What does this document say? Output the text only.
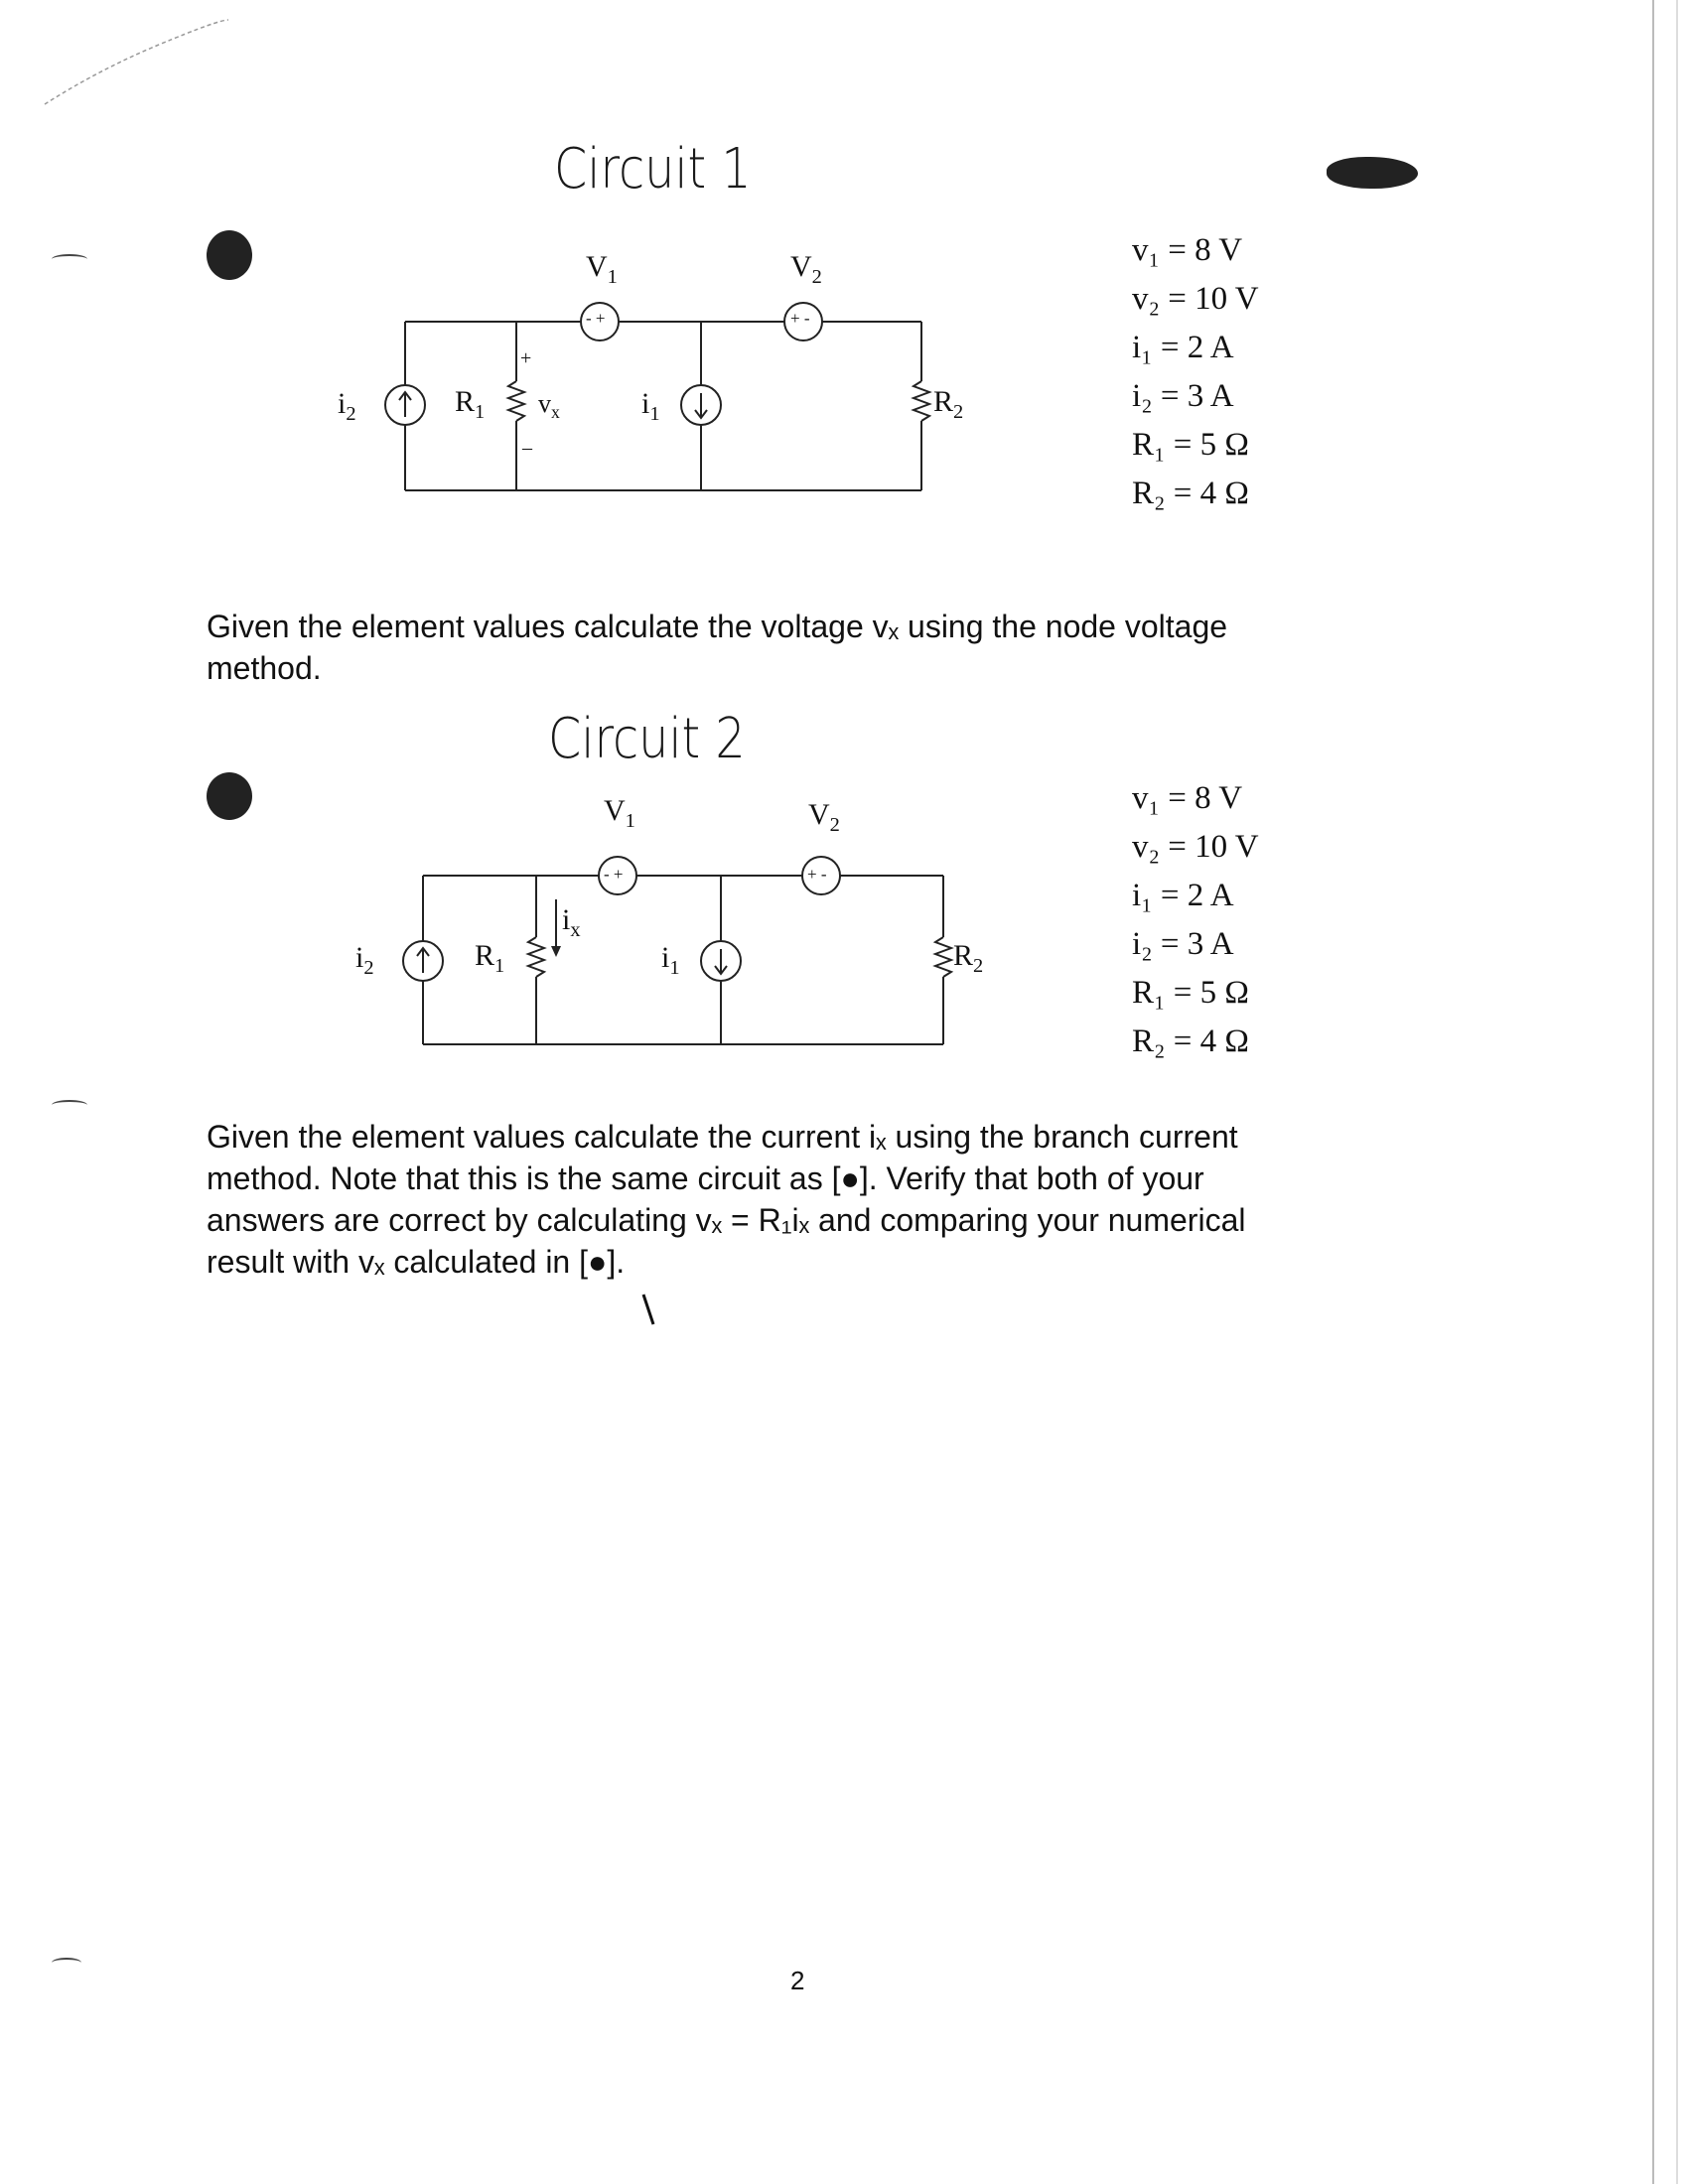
Circuit 1
$V_1$	$V_2$
- +	+ -
$i_2$	$R_1$ $v_x$
+
–
$i_1$	$R_2$
v₁ = 8 V
v₂ = 10 V
i₁ = 2 A
i₂ = 3 A
R₁ = 5 Ω
R₂ = 4 Ω
Given the element values calculate the voltage vₓ using the node voltage
method.
Circuit 2
$V_1$	$V_2$
- +	+ -
$i_2$	$R_1$
$i_x$
$i_1$	$R_2$
v₁ = 8 V
v₂ = 10 V
i₁ = 2 A
i₂ = 3 A
R₁ = 5 Ω
R₂ = 4 Ω
Given the element values calculate the current iₓ using the branch current
method. Note that this is the same circuit as [●]. Verify that both of your
answers are correct by calculating vₓ = R₁iₓ and comparing your numerical
result with vₓ calculated in [●].
2
